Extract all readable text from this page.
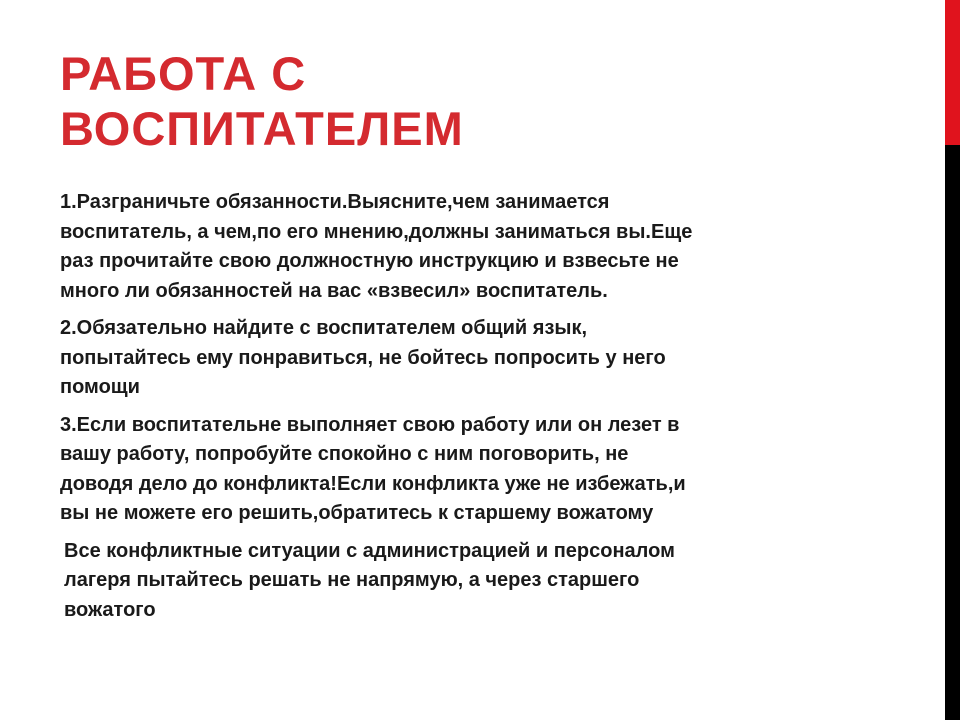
РАБОТА С
ВОСПИТАТЕЛЕМ

1.Разграничьте обязанности.Выясните,чем занимается
воспитатель, а чем,по его мнению,должны заниматься вы.Еще
раз прочитайте свою должностную инструкцию и взвесьте не
много ли обязанностей на вас «взвесил» воспитатель.

2.Обязательно найдите с воспитателем общий язык,
попытайтесь ему понравиться, не бойтесь попросить у него
помощи

3.Если воспитательне выполняет свою работу или он лезет в
вашу работу, попробуйте спокойно с ним поговорить, не
доводя дело до конфликта!Если конфликта уже не избежать,и
вы не можете его решить,обратитесь к старшему вожатому

Все конфликтные ситуации с администрацией и персоналом
лагеря пытайтесь решать не напрямую, а через старшего
вожатого
